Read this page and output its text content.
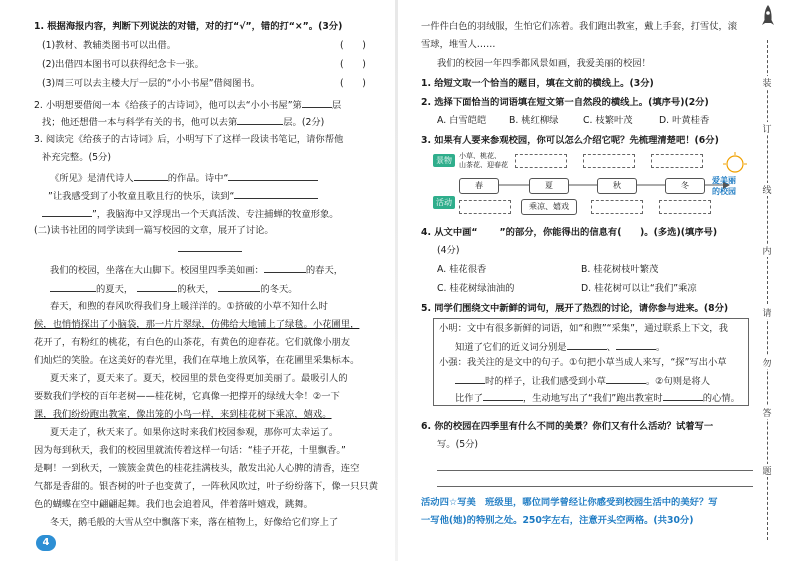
1. 根据海报内容，判断下列说法的对错，对的打“√”，错的打“×”。(3分)
(1)教材、教辅类图书可以出借。	(　　)
(2)出借四本图书可以获得纪念卡一张。	(　　)
(3)周三可以去主楼大厅一层的“小小书屋”借阅图书。	(　　)
2. 小明想要借阅一本《给孩子的古诗词》，他可以去“小小书屋”第	层
找；他还想借一本与科学有关的书，他可以去第	层。(2分)
3. 阅读完《给孩子的古诗词》后，小明写下了这样一段读书笔记，请你帮他
补充完整。(5分)
《所见》是清代诗人	的作品。诗中“
”让我感受到了小牧童且歌且行的快乐，读到“
”，我脑海中又浮现出一个天真活泼、专注捕蝉的牧童形象。
(二)读书社团的同学读到一篇写校园的文章，展开了讨论。
我们的校园，坐落在大山脚下。校园里四季美如画：	的春天，
的夏天，	的秋天，	的冬天。
春天，和煦的春风吹得我们身上暖洋洋的。①挤破的小草不知什么时
候，也悄悄探出了小脑袋，那一片片翠绿，仿佛给大地铺上了绿毯。小花圃里，
花开了，有粉红的桃花，有白色的山茶花，有黄色的迎春花。它们就像小朋友
们灿烂的笑脸。在这美好的春光里，我们在草地上放风筝，在花圃里采集标本。
夏天来了，夏天来了。夏天，校园里的景色变得更加美丽了。最吸引人的
要数我们学校的百年老树——桂花树，它真像一把撑开的绿绒大伞！②一下
课，我们纷纷跑出教室，像出笼的小鸟一样，来到桂花树下乘凉，嬉戏。
夏天走了，秋天来了。如果你这时来我们校园参观，那你可太幸运了。
因为每到秋天，我们的校园里就流传着这样一句话：“桂子开花，十里飘香。”
是啊！一到秋天，一簇簇金黄色的桂花挂满枝头，散发出沁人心脾的清香，连空
气都是香甜的。银杏树的叶子也变黄了，一阵秋风吹过，叶子纷纷落下，像一只只黄
色的蝴蝶在空中翩翩起舞。我们也会追着风，伴着落叶嬉戏，跳舞。
冬天，鹅毛般的大雪从空中飘落下来，落在植物上，好像给它们穿上了
4
一件件白色的羽绒服，生怕它们冻着。我们跑出教室，戴上手套，打雪仗，滚
雪球，堆雪人……
我们的校园一年四季都风景如画，我爱美丽的校园！
1. 给短文取一个恰当的题目，填在文前的横线上。(3分)
2. 选择下面恰当的词语填在短文第一自然段的横线上。(填序号)(2分)
A. 白雪皑皑 B. 桃红柳绿	C. 枝繁叶茂	D. 叶黄桂香
3. 如果有人要来参观校园，你可以怎么介绍它呢？先梳理清楚吧！(6分)
景物	小草、桃花、
山茶花、迎春花
春	夏	秋	冬
爱美丽
的校园
活动	乘凉、嬉戏
4. 从文中画“ ”的部分，你能得出的信息有(　　)。(多选)(填序号)
(4分)
A. 桂花很香	B. 桂花树枝叶繁茂
C. 桂花树绿油油的	D. 桂花树可以让“我们”乘凉
5. 同学们围绕文中新鲜的词句，展开了热烈的讨论，请你参与进来。(8分)
小明：文中有很多新鲜的词语，如“和煦”“采集”，通过联系上下文，我
知道了它们的近义词分别是	、	。
小强：我关注的是文中的句子。①句把小草当成人来写，“探”写出小草
时的样子，让我们感受到小草	。②句则是将人
比作了	，生动地写出了“我们”跑出教室时	的心情。
6. 你的校园在四季里有什么不同的美景？你们又有什么活动？试着写一
写。(5分)
活动四☆写美　班级里，哪位同学曾经让你感受到校园生活中的美好？写
一写他(她)的特别之处。250字左右，注意开头空两格。(共30分)
装
订
线
内
请
勿
答
题
